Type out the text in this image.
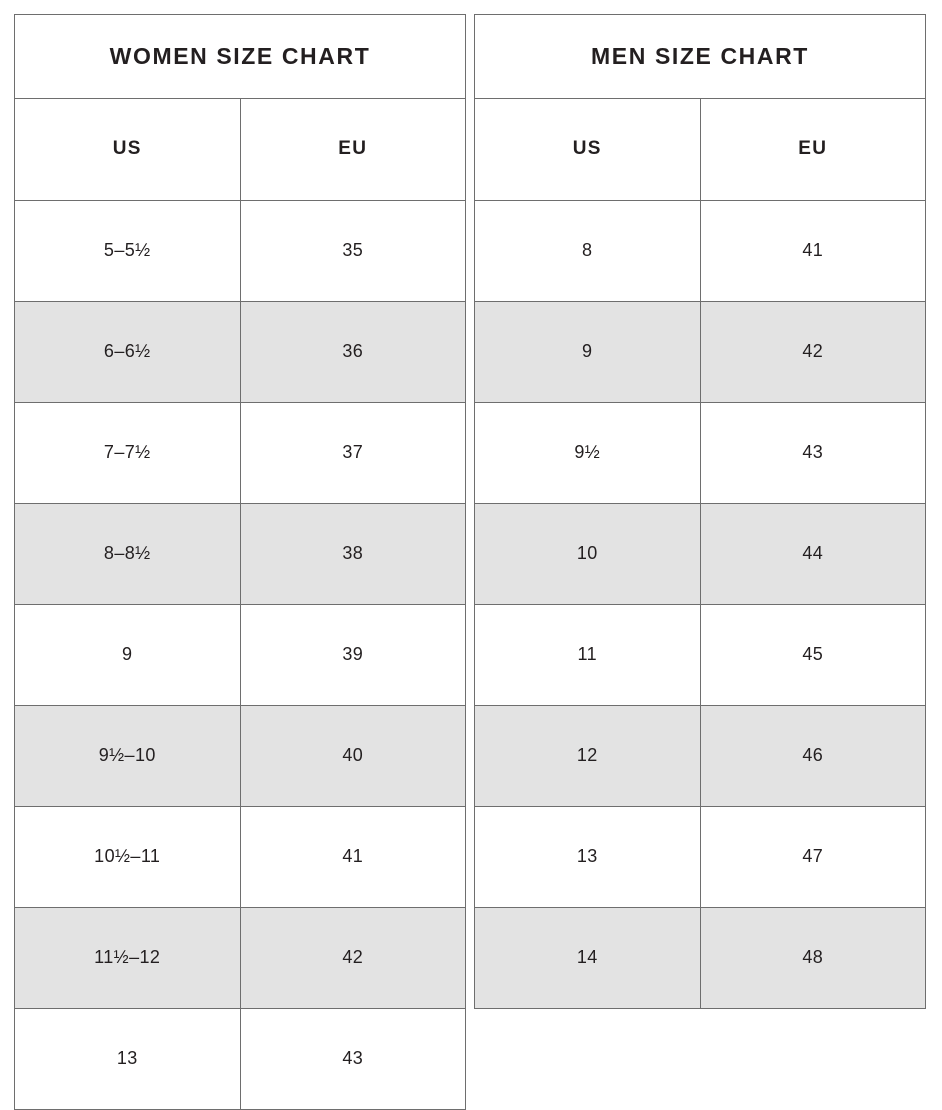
WOMEN SIZE CHART
US	EU
5–5½	35
6–6½	36
7–7½	37
8–8½	38
9	39
9½–10	40
10½–11	41
11½–12	42
13	43
MEN SIZE CHART
US	EU
8	41
9	42
9½	43
10	44
11	45
12	46
13	47
14	48
